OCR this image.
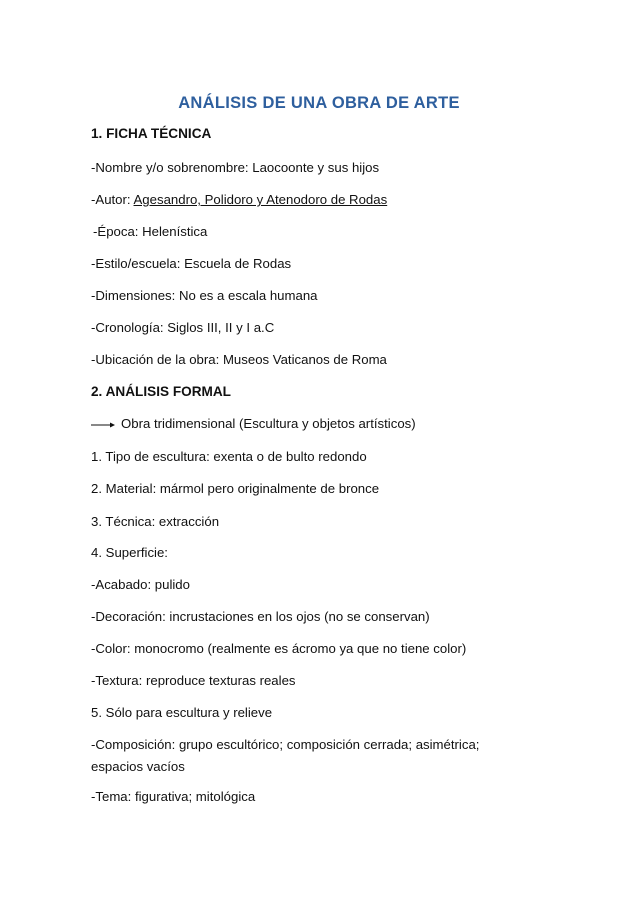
ANÁLISIS DE UNA OBRA DE ARTE
1. FICHA TÉCNICA
-Nombre y/o sobrenombre: Laocoonte y sus hijos
-Autor: Agesandro, Polidoro y Atenodoro de Rodas
-Época: Helenística
-Estilo/escuela: Escuela de Rodas
-Dimensiones: No es a escala humana
-Cronología: Siglos III, II y I a.C
-Ubicación de la obra: Museos Vaticanos de Roma
2. ANÁLISIS FORMAL
Obra tridimensional (Escultura y objetos artísticos)
1. Tipo de escultura: exenta o de bulto redondo
2. Material: mármol pero originalmente de bronce
3. Técnica: extracción
4. Superficie:
-Acabado: pulido
-Decoración: incrustaciones en los ojos (no se conservan)
-Color: monocromo (realmente es ácromo ya que no tiene color)
-Textura: reproduce texturas reales
5. Sólo para escultura y relieve
-Composición: grupo escultórico; composición cerrada; asimétrica; espacios vacíos
-Tema: figurativa; mitológica
